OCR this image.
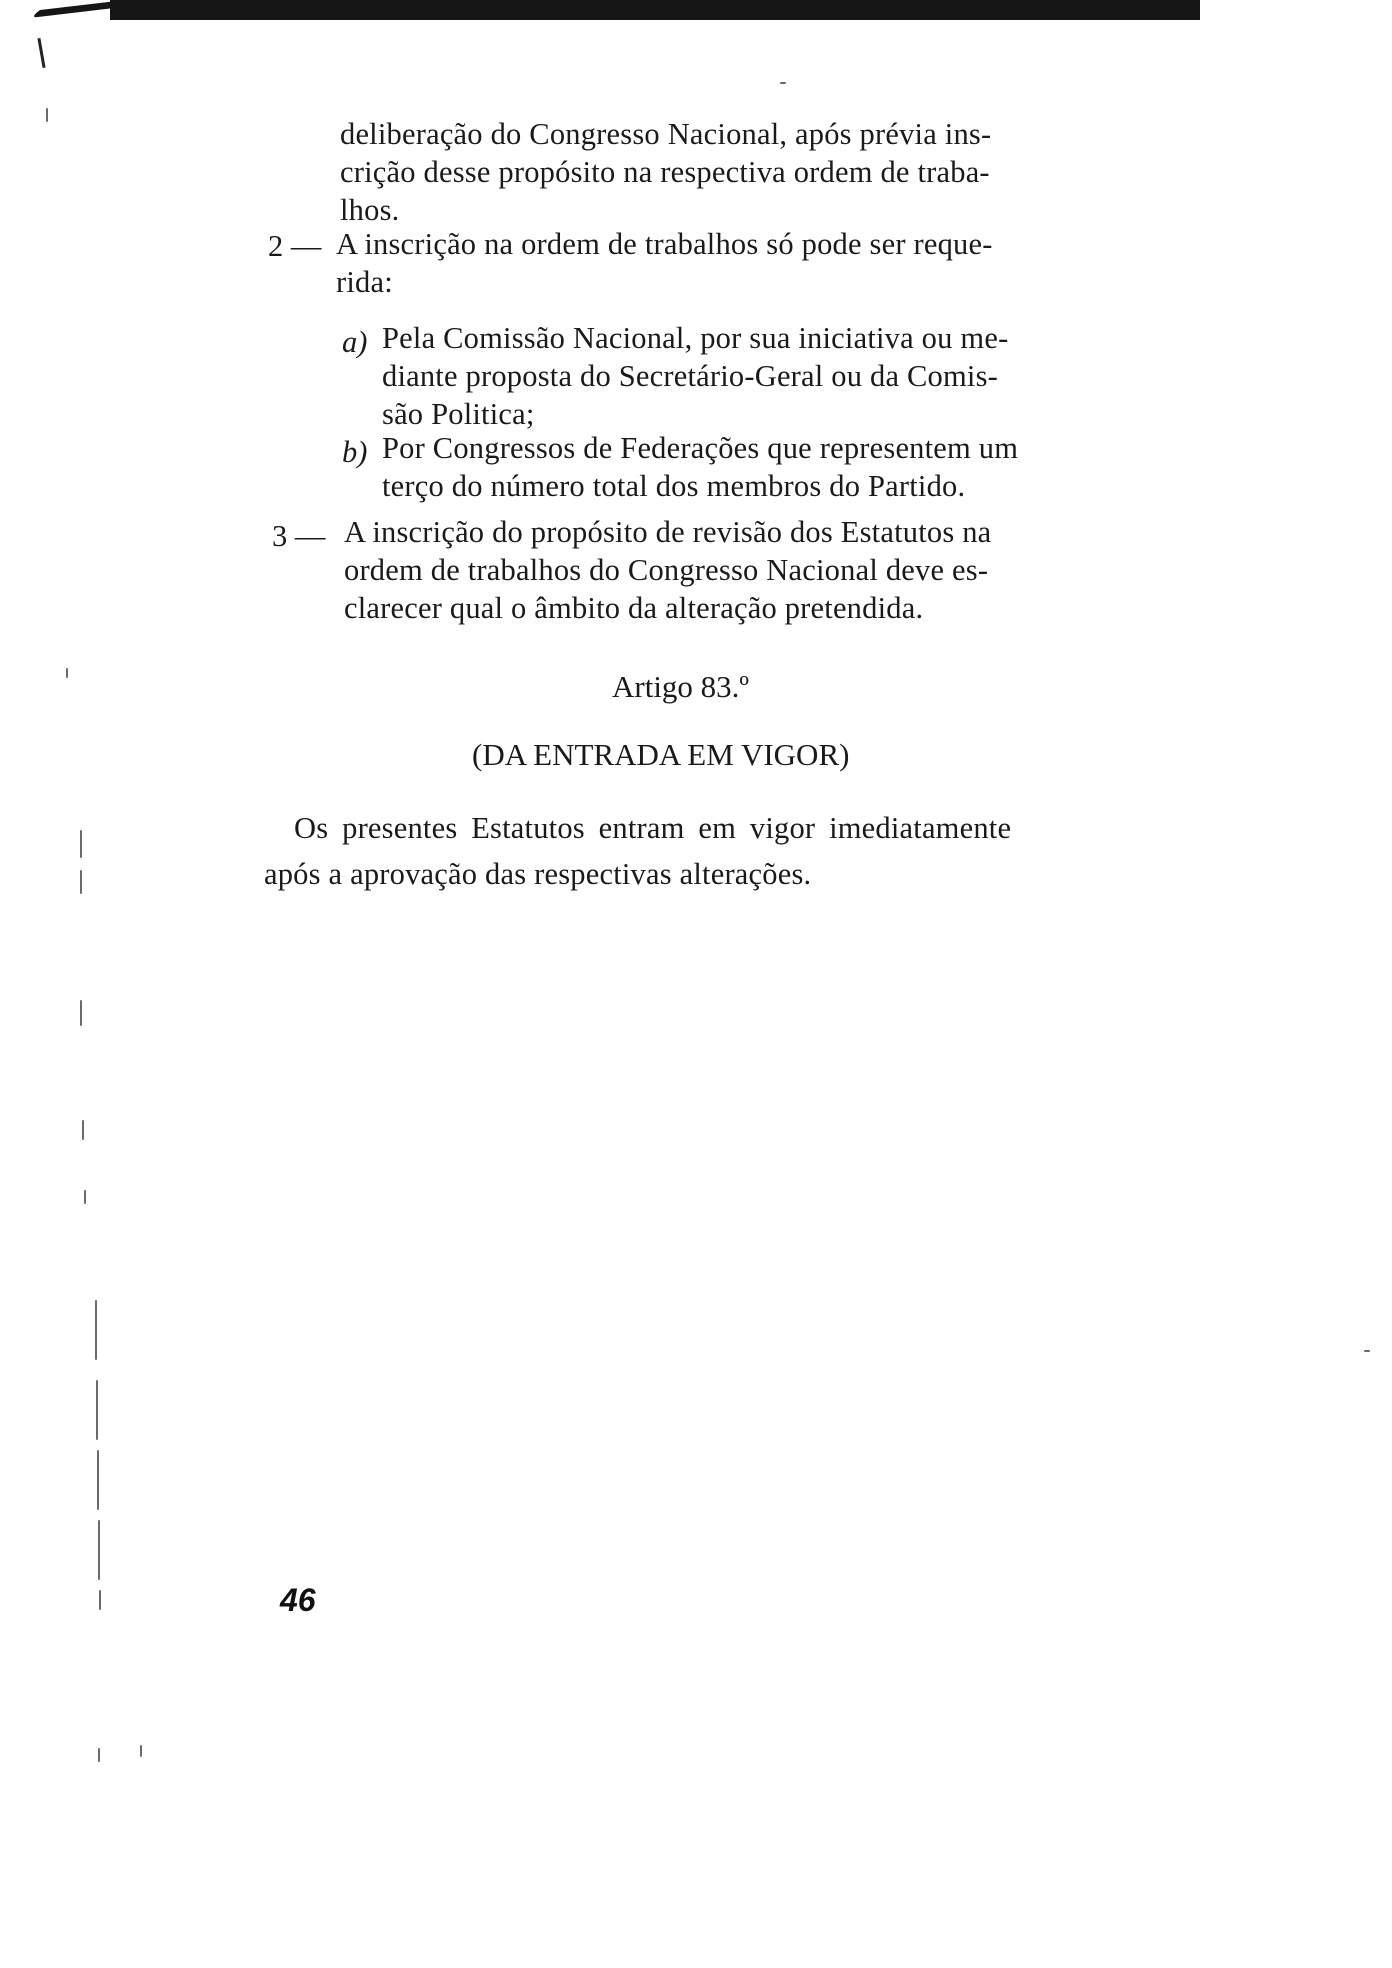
deliberação do Congresso Nacional, após prévia ins-
crição desse propósito na respectiva ordem de traba-
lhos.
2 — A inscrição na ordem de trabalhos só pode ser reque-
rida:
a) Pela Comissão Nacional, por sua iniciativa ou me-
diante proposta do Secretário-Geral ou da Comis-
são Politica;
b) Por Congressos de Federações que representem um
terço do número total dos membros do Partido.
3 — A inscrição do propósito de revisão dos Estatutos na
ordem de trabalhos do Congresso Nacional deve es-
clarecer qual o âmbito da alteração pretendida.
Artigo 83.º
(DA ENTRADA EM VIGOR)
Os presentes Estatutos entram em vigor imediatamente
após a aprovação das respectivas alterações.
46
